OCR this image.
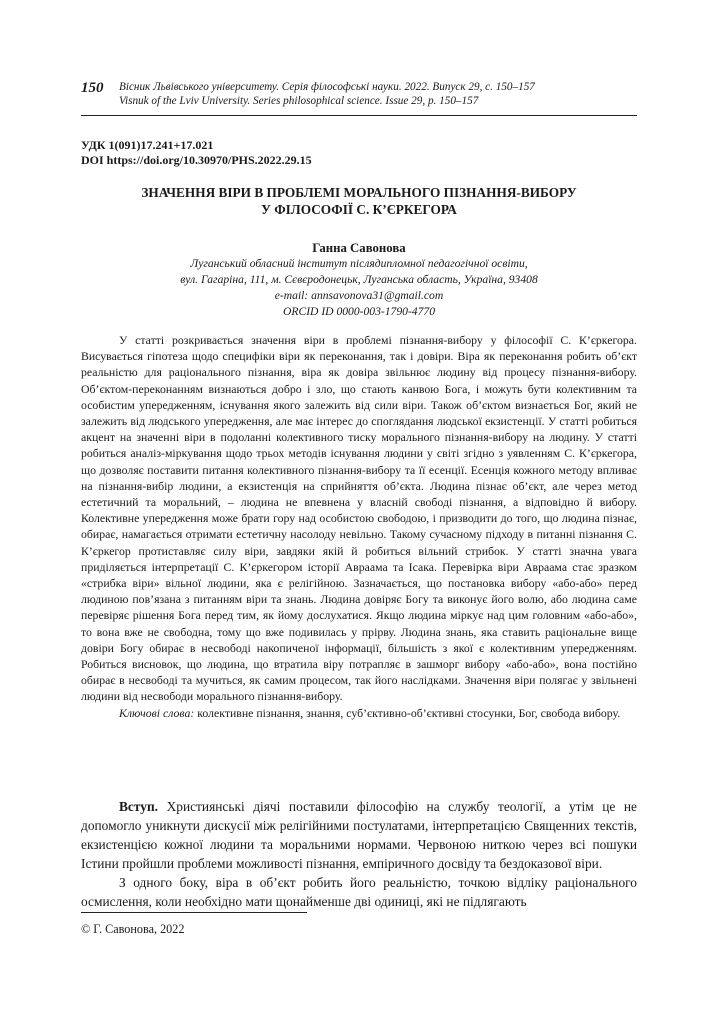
150 Вісник Львівського університету. Серія філософські науки. 2022. Випуск 29, с. 150–157
Visnuk of the Lviv University. Series philosophical science. Issue 29, p. 150–157
УДК 1(091)17.241+17.021
DOI https://doi.org/10.30970/PHS.2022.29.15
ЗНАЧЕННЯ ВІРИ В ПРОБЛЕМІ МОРАЛЬНОГО ПІЗНАННЯ-ВИБОРУ
У ФІЛОСОФІЇ С. К’ЄРКЕГОРА
Ганна Савонова
Луганський обласний інститут післядипломної педагогічної освіти,
вул. Гагаріна, 111, м. Сєвєродонецьк, Луганська область, Україна, 93408
e-mail: annsavonova31@gmail.com
ORCID ID 0000-003-1790-4770

У статті розкривається значення віри в проблемі пізнання-вибору у філософії С. К’єркегора. Висувається гіпотеза щодо специфіки віри як переконання, так і довіри. Віра як переконання робить об’єкт реальністю для раціонального пізнання, віра як довіра звільнює людину від процесу пізнання-вибору. Об’єктом-переконанням визнаються добро і зло, що стають канвою Бога, і можуть бути колективним та особистим упередженням, існування якого залежить від сили віри. Також об’єктом визнається Бог, який не залежить від людського упередження, але має інтерес до споглядання людської екзистенції. У статті робиться акцент на значенні віри в подоланні колективного тиску морального пізнання-вибору на людину. У статті робиться аналіз-міркування щодо трьох методів існування людини у світі згідно з уявленням С. К’єркегора, що дозволяє поставити питання колективного пізнання-вибору та її есенції. Есенція кожного методу впливає на пізнання-вибір людини, а екзистенція на сприйняття об’єкта. Людина пізнає об’єкт, але через метод естетичний та моральний, – людина не впевнена у власній свободі пізнання, а відповідно й вибору. Колективне упередження може брати гору над особистою свободою, і призводити до того, що людина пізнає, обирає, намагається отримати естетичну насолоду невільно. Такому сучасному підходу в питанні пізнання С. К’єркегор протиставляє силу віри, завдяки якій й робиться вільний стрибок. У статті значна увага приділяється інтерпретації С. К’єркегором історії Авраама та Ісака. Перевірка віри Авраама стає зразком «стрибка віри» вільної людини, яка є релігійною. Зазначається, що постановка вибору «або-або» перед людиною пов’язана з питанням віри та знань. Людина довіряє Богу та виконує його волю, або людина саме перевіряє рішення Бога перед тим, як йому дослухатися. Якщо людина міркує над цим головним «або-або», то вона вже не свободна, тому що вже подивилась у прірву. Людина знань, яка ставить раціональне вище довіри Богу обирає в несвободі накопиченої інформації, більшість з якої є колективним упередженням. Робиться висновок, що людина, що втратила віру потрапляє в зашморг вибору «або-або», вона постійно обирає в несвободі та мучиться, як самим процесом, так його наслідками. Значення віри полягає у звільнені людини від несвободи морального пізнання-вибору.

Ключові слова: колективне пізнання, знання, суб’єктивно-об’єктивні стосунки, Бог, свобода вибору.

Вступ. Християнські діячі поставили філософію на службу теології, а утім це не допомогло уникнути дискусії між релігійними постулатами, інтерпретацією Священних текстів, екзистенцією кожної людини та моральними нормами. Червоною ниткою через всі пошуки Істини пройшли проблеми можливості пізнання, емпіричного досвіду та бездоказової віри.

З одного боку, віра в об’єкт робить його реальністю, точкою відліку раціонального осмислення, коли необхідно мати щонайменше дві одиниці, які не підлягають

© Г. Савонова, 2022
